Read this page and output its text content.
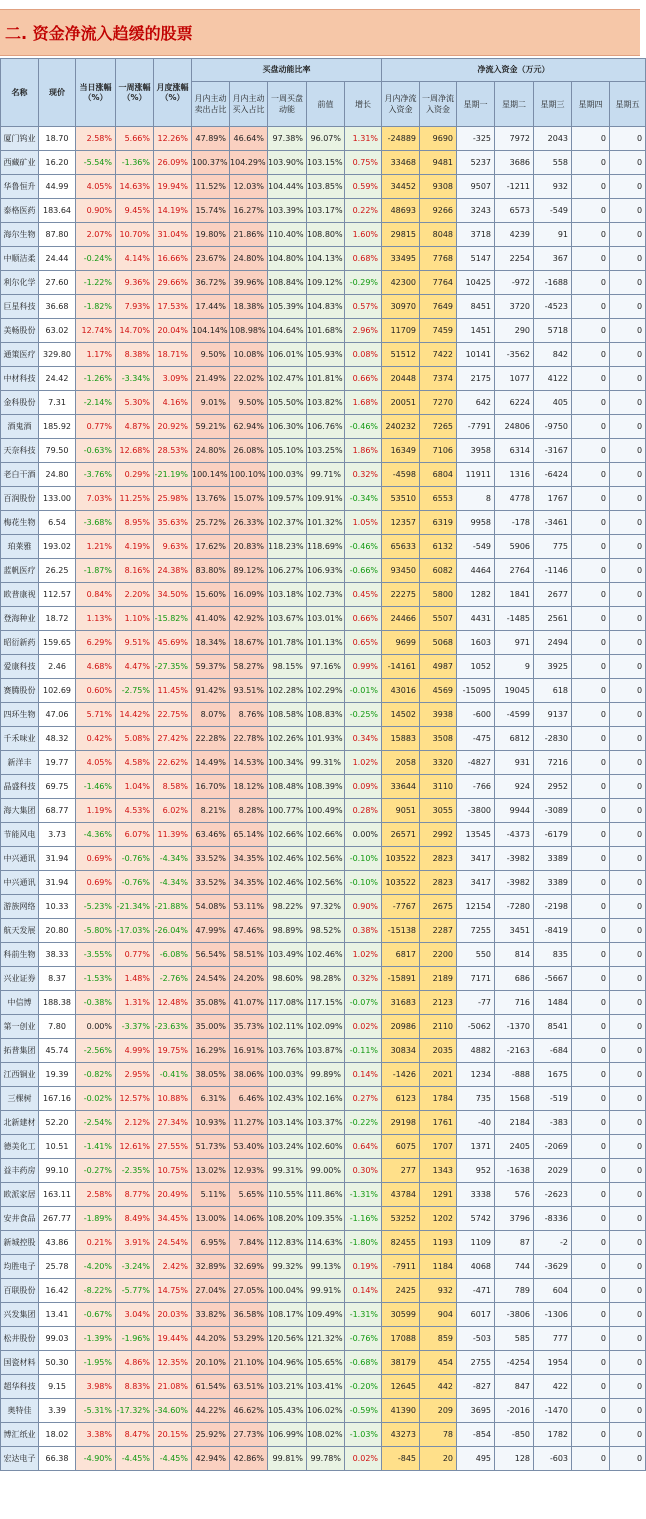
二. 资金净流入趋缓的股票
名称	现价	当日涨幅（%）	一周涨幅（%）	月度涨幅（%）	买盘动能比率					净流入资金（万元）						
					月内主动卖出占比	月内主动买入占比	一周买盘动能	前值	增长	月内净流入资金	一周净流入资金	星期一	星期二	星期三	星期四	星期五
厦门钨业	18.70	2.58%	5.66%	12.26%	47.89%	46.64%	97.38%	96.07%	1.31%	-24889	9690	-325	7972	2043	0	0
西藏矿业	16.20	-5.54%	-1.36%	26.09%	100.37%	104.29%	103.90%	103.15%	0.75%	33468	9481	5237	3686	558	0	0
华鲁恒升	44.99	4.05%	14.63%	19.94%	11.52%	12.03%	104.44%	103.85%	0.59%	34452	9308	9507	-1211	932	0	0
泰格医药	183.64	0.90%	9.45%	14.19%	15.74%	16.27%	103.39%	103.17%	0.22%	48693	9266	3243	6573	-549	0	0
海尔生物	87.80	2.07%	10.70%	31.04%	19.80%	21.86%	110.40%	108.80%	1.60%	29815	8048	3718	4239	91	0	0
中顺洁柔	24.44	-0.24%	4.14%	16.66%	23.67%	24.80%	104.80%	104.13%	0.68%	33495	7768	5147	2254	367	0	0
利尔化学	27.60	-1.22%	9.36%	29.66%	36.72%	39.96%	108.84%	109.12%	-0.29%	42300	7764	10425	-972	-1688	0	0
巨星科技	36.68	-1.82%	7.93%	17.53%	17.44%	18.38%	105.39%	104.83%	0.57%	30970	7649	8451	3720	-4523	0	0
美畅股份	63.02	12.74%	14.70%	20.04%	104.14%	108.98%	104.64%	101.68%	2.96%	11709	7459	1451	290	5718	0	0
通策医疗	329.80	1.17%	8.38%	18.71%	9.50%	10.08%	106.01%	105.93%	0.08%	51512	7422	10141	-3562	842	0	0
中材科技	24.42	-1.26%	-3.34%	3.09%	21.49%	22.02%	102.47%	101.81%	0.66%	20448	7374	2175	1077	4122	0	0
金科股份	7.31	-2.14%	5.30%	4.16%	9.01%	9.50%	105.50%	103.82%	1.68%	20051	7270	642	6224	405	0	0
酒鬼酒	185.92	0.77%	4.87%	20.92%	59.21%	62.94%	106.30%	106.76%	-0.46%	240232	7265	-7791	24806	-9750	0	0
天奈科技	79.50	-0.63%	12.68%	28.53%	24.80%	26.08%	105.10%	103.25%	1.86%	16349	7106	3958	6314	-3167	0	0
老白干酒	24.80	-3.76%	0.29%	-21.19%	100.14%	100.10%	100.03%	99.71%	0.32%	-4598	6804	11911	1316	-6424	0	0
百润股份	133.00	7.03%	11.25%	25.98%	13.76%	15.07%	109.57%	109.91%	-0.34%	53510	6553	8	4778	1767	0	0
梅花生物	6.54	-3.68%	8.95%	35.63%	25.72%	26.33%	102.37%	101.32%	1.05%	12357	6319	9958	-178	-3461	0	0
珀莱雅	193.02	1.21%	4.19%	9.63%	17.62%	20.83%	118.23%	118.69%	-0.46%	65633	6132	-549	5906	775	0	0
蓝帆医疗	26.25	-1.87%	8.16%	24.38%	83.80%	89.12%	106.27%	106.93%	-0.66%	93450	6082	4464	2764	-1146	0	0
欧普康视	112.57	0.84%	2.20%	34.50%	15.60%	16.09%	103.18%	102.73%	0.45%	22275	5800	1282	1841	2677	0	0
登海种业	18.72	1.13%	1.10%	-15.82%	41.40%	42.92%	103.67%	103.01%	0.66%	24466	5507	4431	-1485	2561	0	0
昭衍新药	159.65	6.29%	9.51%	45.69%	18.34%	18.67%	101.78%	101.13%	0.65%	9699	5068	1603	971	2494	0	0
爱康科技	2.46	4.68%	4.47%	-27.35%	59.37%	58.27%	98.15%	97.16%	0.99%	-14161	4987	1052	9	3925	0	0
赛腾股份	102.69	0.60%	-2.75%	11.45%	91.42%	93.51%	102.28%	102.29%	-0.01%	43016	4569	-15095	19045	618	0	0
四环生物	47.06	5.71%	14.42%	22.75%	8.07%	8.76%	108.58%	108.83%	-0.25%	14502	3938	-600	-4599	9137	0	0
千禾味业	48.32	0.42%	5.08%	27.42%	22.28%	22.78%	102.26%	101.93%	0.34%	15883	3508	-475	6812	-2830	0	0
新洋丰	19.77	4.05%	4.58%	22.62%	14.49%	14.53%	100.34%	99.31%	1.02%	2058	3320	-4827	931	7216	0	0
晶盛科技	69.75	-1.46%	1.04%	8.58%	16.70%	18.12%	108.48%	108.39%	0.09%	33644	3110	-766	924	2952	0	0
海大集团	68.77	1.19%	4.53%	6.02%	8.21%	8.28%	100.77%	100.49%	0.28%	9051	3055	-3800	9944	-3089	0	0
节能风电	3.73	-4.36%	6.07%	11.39%	63.46%	65.14%	102.66%	102.66%	0.00%	26571	2992	13545	-4373	-6179	0	0
中兴通讯	31.94	0.69%	-0.76%	-4.34%	33.52%	34.35%	102.46%	102.56%	-0.10%	103522	2823	3417	-3982	3389	0	0
中兴通讯	31.94	0.69%	-0.76%	-4.34%	33.52%	34.35%	102.46%	102.56%	-0.10%	103522	2823	3417	-3982	3389	0	0
游族网络	10.33	-5.23%	-21.34%	-21.88%	54.08%	53.11%	98.22%	97.32%	0.90%	-7767	2675	12154	-7280	-2198	0	0
航天发展	20.80	-5.80%	-17.03%	-26.04%	47.99%	47.46%	98.89%	98.52%	0.38%	-15138	2287	7255	3451	-8419	0	0
科前生物	38.33	-3.55%	0.77%	-6.08%	56.54%	58.51%	103.49%	102.46%	1.02%	6817	2200	550	814	835	0	0
兴业证券	8.37	-1.53%	1.48%	-2.76%	24.54%	24.20%	98.60%	98.28%	0.32%	-15891	2189	7171	686	-5667	0	0
中信博	188.38	-0.38%	1.31%	12.48%	35.08%	41.07%	117.08%	117.15%	-0.07%	31683	2123	-77	716	1484	0	0
第一创业	7.80	0.00%	-3.37%	-23.63%	35.00%	35.73%	102.11%	102.09%	0.02%	20986	2110	-5062	-1370	8541	0	0
拓普集团	45.74	-2.56%	4.99%	19.75%	16.29%	16.91%	103.76%	103.87%	-0.11%	30834	2035	4882	-2163	-684	0	0
江西铜业	19.39	-0.82%	2.95%	-0.41%	38.05%	38.06%	100.03%	99.89%	0.14%	-1426	2021	1234	-888	1675	0	0
三棵树	167.16	-0.02%	12.57%	10.88%	6.31%	6.46%	102.43%	102.16%	0.27%	6123	1784	735	1568	-519	0	0
北新建材	52.20	-2.54%	2.12%	27.34%	10.93%	11.27%	103.14%	103.37%	-0.22%	29198	1761	-40	2184	-383	0	0
德美化工	10.51	-1.41%	12.61%	27.55%	51.73%	53.40%	103.24%	102.60%	0.64%	6075	1707	1371	2405	-2069	0	0
益丰药房	99.10	-0.27%	-2.35%	10.75%	13.02%	12.93%	99.31%	99.00%	0.30%	277	1343	952	-1638	2029	0	0
欧派家居	163.11	2.58%	8.77%	20.49%	5.11%	5.65%	110.55%	111.86%	-1.31%	43784	1291	3338	576	-2623	0	0
安井食品	267.77	-1.89%	8.49%	34.45%	13.00%	14.06%	108.20%	109.35%	-1.16%	53252	1202	5742	3796	-8336	0	0
新城控股	43.86	0.21%	3.91%	24.54%	6.95%	7.84%	112.83%	114.63%	-1.80%	82455	1193	1109	87	-2	0	0
均胜电子	25.78	-4.20%	-3.24%	2.42%	32.89%	32.69%	99.32%	99.13%	0.19%	-7911	1184	4068	744	-3629	0	0
百联股份	16.42	-8.22%	-5.77%	14.75%	27.04%	27.05%	100.04%	99.91%	0.14%	2425	932	-471	789	604	0	0
兴发集团	13.41	-0.67%	3.04%	20.03%	33.82%	36.58%	108.17%	109.49%	-1.31%	30599	904	6017	-3806	-1306	0	0
松井股份	99.03	-1.39%	-1.96%	19.44%	44.20%	53.29%	120.56%	121.32%	-0.76%	17088	859	-503	585	777	0	0
国瓷材料	50.30	-1.95%	4.86%	12.35%	20.10%	21.10%	104.96%	105.65%	-0.68%	38179	454	2755	-4254	1954	0	0
超华科技	9.15	3.98%	8.83%	21.08%	61.54%	63.51%	103.21%	103.41%	-0.20%	12645	442	-827	847	422	0	0
奥特佳	3.39	-5.31%	-17.32%	-34.60%	44.22%	46.62%	105.43%	106.02%	-0.59%	41390	209	3695	-2016	-1470	0	0
博汇纸业	18.02	3.38%	8.47%	20.15%	25.92%	27.73%	106.99%	108.02%	-1.03%	43273	78	-854	-850	1782	0	0
宏达电子	66.38	-4.90%	-4.45%	-4.45%	42.94%	42.86%	99.81%	99.78%	0.02%	-845	20	495	128	-603	0	0
